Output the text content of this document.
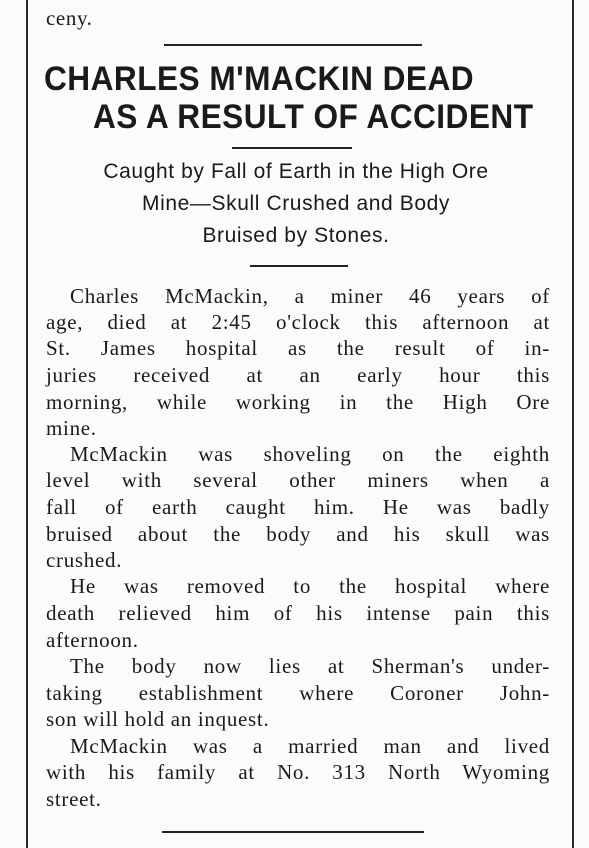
ceny.
CHARLES M'MACKIN DEAD
AS A RESULT OF ACCIDENT
Caught by Fall of Earth in the High Ore
Mine—Skull Crushed and Body
Bruised by Stones.
Charles McMackin, a miner 46 years of
age, died at 2:45 o'clock this afternoon at
St. James hospital as the result of in-
juries received at an early hour this
morning, while working in the High Ore
mine.
McMackin was shoveling on the eighth
level with several other miners when a
fall of earth caught him. He was badly
bruised about the body and his skull was
crushed.
He was removed to the hospital where
death relieved him of his intense pain this
afternoon.
The body now lies at Sherman's under-
taking establishment where Coroner John-
son will hold an inquest.
McMackin was a married man and lived
with his family at No. 313 North Wyoming
street.
